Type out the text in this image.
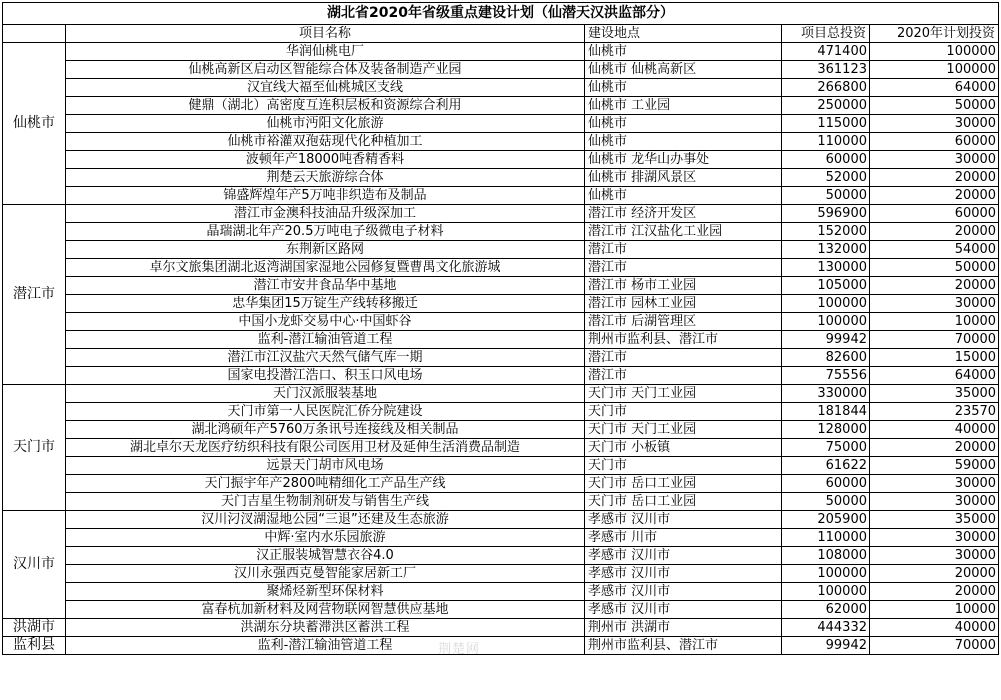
湖北省2020年省级重点建设计划（仙潜天汉洪监部分）				
	项目名称	建设地点	项目总投资	2020年计划投资
仙桃市	华润仙桃电厂	仙桃市	471400	100000
	仙桃高新区启动区智能综合体及装备制造产业园	仙桃市 仙桃高新区	361123	100000
	汉宜线大福至仙桃城区支线	仙桃市	266800	64000
	健鼎（湖北）高密度互连积层板和资源综合利用	仙桃市 工业园	250000	50000
	仙桃市沔阳文化旅游	仙桃市	115000	30000
	仙桃市裕灌双孢菇现代化种植加工	仙桃市	110000	60000
	波顿年产18000吨香精香料	仙桃市 龙华山办事处	60000	30000
	荆楚云天旅游综合体	仙桃市 排湖风景区	52000	20000
	锦盛辉煌年产5万吨非织造布及制品	仙桃市	50000	20000
潜江市	潜江市金澳科技油品升级深加工	潜江市 经济开发区	596900	60000
	晶瑞湖北年产20.5万吨电子级微电子材料	潜江市 江汉盐化工业园	152000	20000
	东荆新区路网	潜江市	132000	54000
	卓尔文旅集团湖北返湾湖国家湿地公园修复暨曹禺文化旅游城	潜江市	130000	50000
	潜江市安井食品华中基地	潜江市 杨市工业园	105000	20000
	忠华集团15万锭生产线转移搬迁	潜江市 园林工业园	100000	30000
	中国小龙虾交易中心·中国虾谷	潜江市 后湖管理区	100000	10000
	监利-潜江输油管道工程	荆州市监利县、潜江市	99942	70000
	潜江市江汉盐穴天然气储气库一期	潜江市	82600	15000
	国家电投潜江浩口、积玉口风电场	潜江市	75556	64000
天门市	天门汉派服装基地	天门市 天门工业园	330000	35000
	天门市第一人民医院汇侨分院建设	天门市	181844	23570
	湖北鸿硕年产5760万条讯号连接线及相关制品	天门市 天门工业园	128000	40000
	湖北卓尔天龙医疗纺织科技有限公司医用卫材及延伸生活消费品制造	天门市 小板镇	75000	20000
	远景天门胡市风电场	天门市	61622	59000
	天门振宇年产2800吨精细化工产品生产线	天门市 岳口工业园	60000	30000
	天门吉星生物制剂研发与销售生产线	天门市 岳口工业园	50000	30000
汉川市	汉川汈汊湖湿地公园“三退”还建及生态旅游	孝感市 汉川市	205900	35000
	中辉·室内水乐园旅游	孝感市 川市	110000	30000
	汉正服装城智慧衣谷4.0	孝感市 汉川市	108000	30000
	汉川永强西克曼智能家居新工厂	孝感市 汉川市	100000	20000
	聚烯烃新型环保材料	孝感市 汉川市	100000	20000
	富春杭加新材料及网营物联网智慧供应基地	孝感市 汉川市	62000	10000
洪湖市	洪湖东分块蓄滞洪区蓄洪工程	荆州市 洪湖市	444332	40000
监利县	监利-潜江输油管道工程	荆州市监利县、潜江市	99942	70000
荆楚网
